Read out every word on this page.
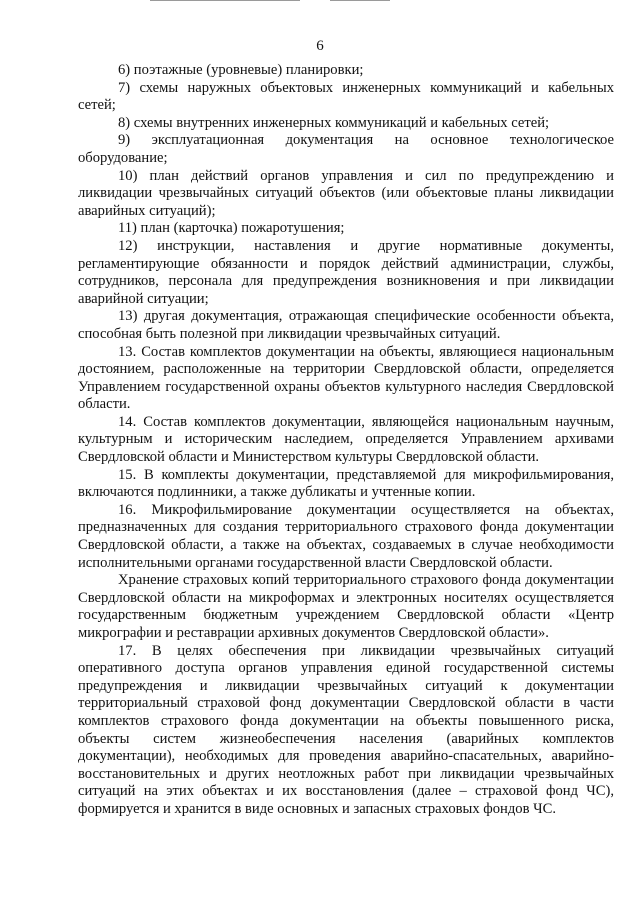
6

6) поэтажные (уровневые) планировки;

7) схемы наружных объектовых инженерных коммуникаций и кабельных сетей;

8) схемы внутренних инженерных коммуникаций и кабельных сетей;

9) эксплуатационная документация на основное технологическое оборудование;

10) план действий органов управления и сил по предупреждению и ликвидации чрезвычайных ситуаций объектов (или объектовые планы ликвидации аварийных ситуаций);

11) план (карточка) пожаротушения;

12) инструкции, наставления и другие нормативные документы, регламентирующие обязанности и порядок действий администрации, службы, сотрудников, персонала для предупреждения возникновения и при ликвидации аварийной ситуации;

13) другая документация, отражающая специфические особенности объекта, способная быть полезной при ликвидации чрезвычайных ситуаций.

13. Состав комплектов документации на объекты, являющиеся национальным достоянием, расположенные на территории Свердловской области, определяется Управлением государственной охраны объектов культурного наследия Свердловской области.

14. Состав комплектов документации, являющейся национальным научным, культурным и историческим наследием, определяется Управлением архивами Свердловской области и Министерством культуры Свердловской области.

15. В комплекты документации, представляемой для микрофильмирования, включаются подлинники, а также дубликаты и учтенные копии.

16. Микрофильмирование документации осуществляется на объектах, предназначенных для создания территориального страхового фонда документации Свердловской области, а также на объектах, создаваемых в случае необходимости исполнительными органами государственной власти Свердловской области.

Хранение страховых копий территориального страхового фонда документации Свердловской области на микроформах и электронных носителях осуществляется государственным бюджетным учреждением Свердловской области «Центр микрографии и реставрации архивных документов Свердловской области».

17. В целях обеспечения при ликвидации чрезвычайных ситуаций оперативного доступа органов управления единой государственной системы предупреждения и ликвидации чрезвычайных ситуаций к документации территориальный страховой фонд документации Свердловской области в части комплектов страхового фонда документации на объекты повышенного риска, объекты систем жизнеобеспечения населения (аварийных комплектов документации), необходимых для проведения аварийно-спасательных, аварийно-восстановительных и других неотложных работ при ликвидации чрезвычайных ситуаций на этих объектах и их восстановления (далее – страховой фонд ЧС), формируется и хранится в виде основных и запасных страховых фондов ЧС.
